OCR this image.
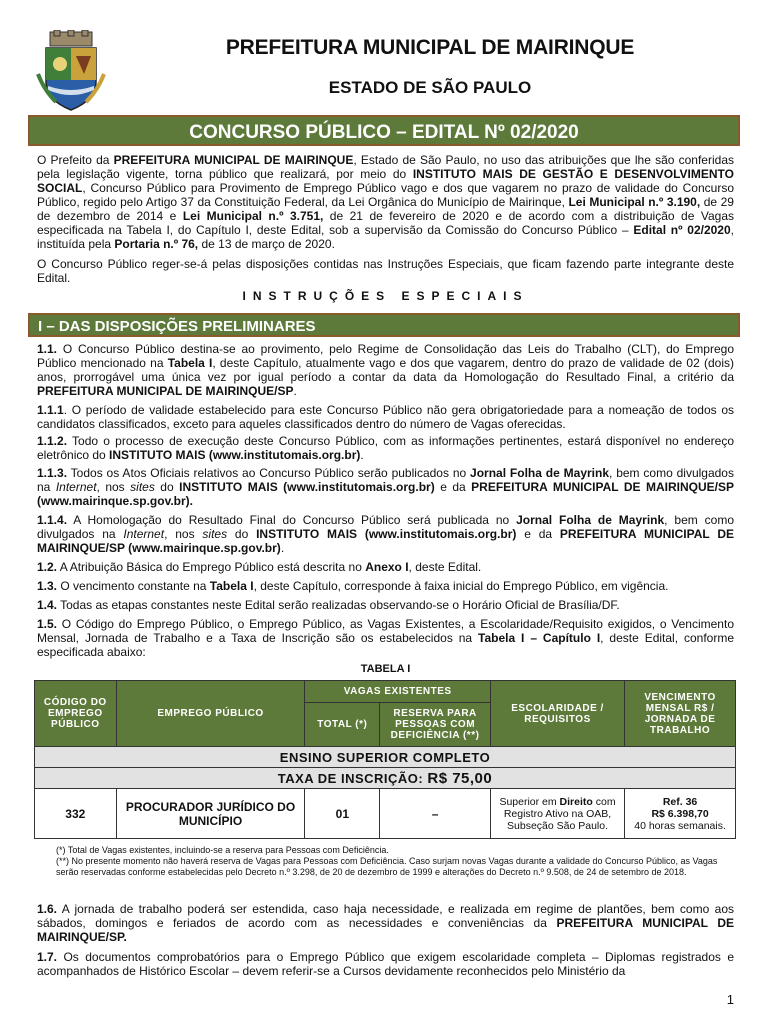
PREFEITURA MUNICIPAL DE MAIRINQUE
ESTADO DE SÃO PAULO
CONCURSO PÚBLICO – EDITAL Nº 02/2020
O Prefeito da PREFEITURA MUNICIPAL DE MAIRINQUE, Estado de São Paulo, no uso das atribuições que lhe são conferidas pela legislação vigente, torna público que realizará, por meio do INSTITUTO MAIS DE GESTÃO E DESENVOLVIMENTO SOCIAL, Concurso Público para Provimento de Emprego Público vago e dos que vagarem no prazo de validade do Concurso Público, regido pelo Artigo 37 da Constituição Federal, da Lei Orgânica do Município de Mairinque, Lei Municipal n.º 3.190, de 29 de dezembro de 2014 e Lei Municipal n.º 3.751, de 21 de fevereiro de 2020 e de acordo com a distribuição de Vagas especificada na Tabela I, do Capítulo I, deste Edital, sob a supervisão da Comissão do Concurso Público – Edital nº 02/2020, instituída pela Portaria n.º 76, de 13 de março de 2020.
O Concurso Público reger-se-á pelas disposições contidas nas Instruções Especiais, que ficam fazendo parte integrante deste Edital.
INSTRUÇÕES ESPECIAIS
I – DAS DISPOSIÇÕES PRELIMINARES
1.1. O Concurso Público destina-se ao provimento, pelo Regime de Consolidação das Leis do Trabalho (CLT), do Emprego Público mencionado na Tabela I, deste Capítulo, atualmente vago e dos que vagarem, dentro do prazo de validade de 02 (dois) anos, prorrogável uma única vez por igual período a contar da data da Homologação do Resultado Final, a critério da PREFEITURA MUNICIPAL DE MAIRINQUE/SP.
1.1.1. O período de validade estabelecido para este Concurso Público não gera obrigatoriedade para a nomeação de todos os candidatos classificados, exceto para aqueles classificados dentro do número de Vagas oferecidas.
1.1.2. Todo o processo de execução deste Concurso Público, com as informações pertinentes, estará disponível no endereço eletrônico do INSTITUTO MAIS (www.institutomais.org.br).
1.1.3. Todos os Atos Oficiais relativos ao Concurso Público serão publicados no Jornal Folha de Mayrink, bem como divulgados na Internet, nos sites do INSTITUTO MAIS (www.institutomais.org.br) e da PREFEITURA MUNICIPAL DE MAIRINQUE/SP (www.mairinque.sp.gov.br).
1.1.4. A Homologação do Resultado Final do Concurso Público será publicada no Jornal Folha de Mayrink, bem como divulgados na Internet, nos sites do INSTITUTO MAIS (www.institutomais.org.br) e da PREFEITURA MUNICIPAL DE MAIRINQUE/SP (www.mairinque.sp.gov.br).
1.2. A Atribuição Básica do Emprego Público está descrita no Anexo I, deste Edital.
1.3. O vencimento constante na Tabela I, deste Capítulo, corresponde à faixa inicial do Emprego Público, em vigência.
1.4. Todas as etapas constantes neste Edital serão realizadas observando-se o Horário Oficial de Brasília/DF.
1.5. O Código do Emprego Público, o Emprego Público, as Vagas Existentes, a Escolaridade/Requisito exigidos, o Vencimento Mensal, Jornada de Trabalho e a Taxa de Inscrição são os estabelecidos na Tabela I – Capítulo I, deste Edital, conforme especificada abaixo:
TABELA I
CÓDIGO DO EMPREGO PÚBLICO	EMPREGO PÚBLICO	VAGAS EXISTENTES		ESCOLARIDADE / REQUISITOS	VENCIMENTO MENSAL R$ / JORNADA DE TRABALHO
		TOTAL (*)	RESERVA PARA PESSOAS COM DEFICIÊNCIA (**)		
ENSINO SUPERIOR COMPLETO					
TAXA DE INSCRIÇÃO: R$ 75,00					
332	PROCURADOR JURÍDICO DO MUNICÍPIO	01	–	Superior em Direito com Registro Ativo na OAB, Subseção São Paulo.	Ref. 36
R$ 6.398,70
40 horas semanais.
(*) Total de Vagas existentes, incluindo-se a reserva para Pessoas com Deficiência.
(**) No presente momento não haverá reserva de Vagas para Pessoas com Deficiência. Caso surjam novas Vagas durante a validade do Concurso Público, as Vagas serão reservadas conforme estabelecidas pelo Decreto n.º 3.298, de 20 de dezembro de 1999 e alterações do Decreto n.º 9.508, de 24 de setembro de 2018.
1.6. A jornada de trabalho poderá ser estendida, caso haja necessidade, e realizada em regime de plantões, bem como aos sábados, domingos e feriados de acordo com as necessidades e conveniências da PREFEITURA MUNICIPAL DE MAIRINQUE/SP.
1.7. Os documentos comprobatórios para o Emprego Público que exigem escolaridade completa – Diplomas registrados e acompanhados de Histórico Escolar – devem referir-se a Cursos devidamente reconhecidos pelo Ministério da
1
